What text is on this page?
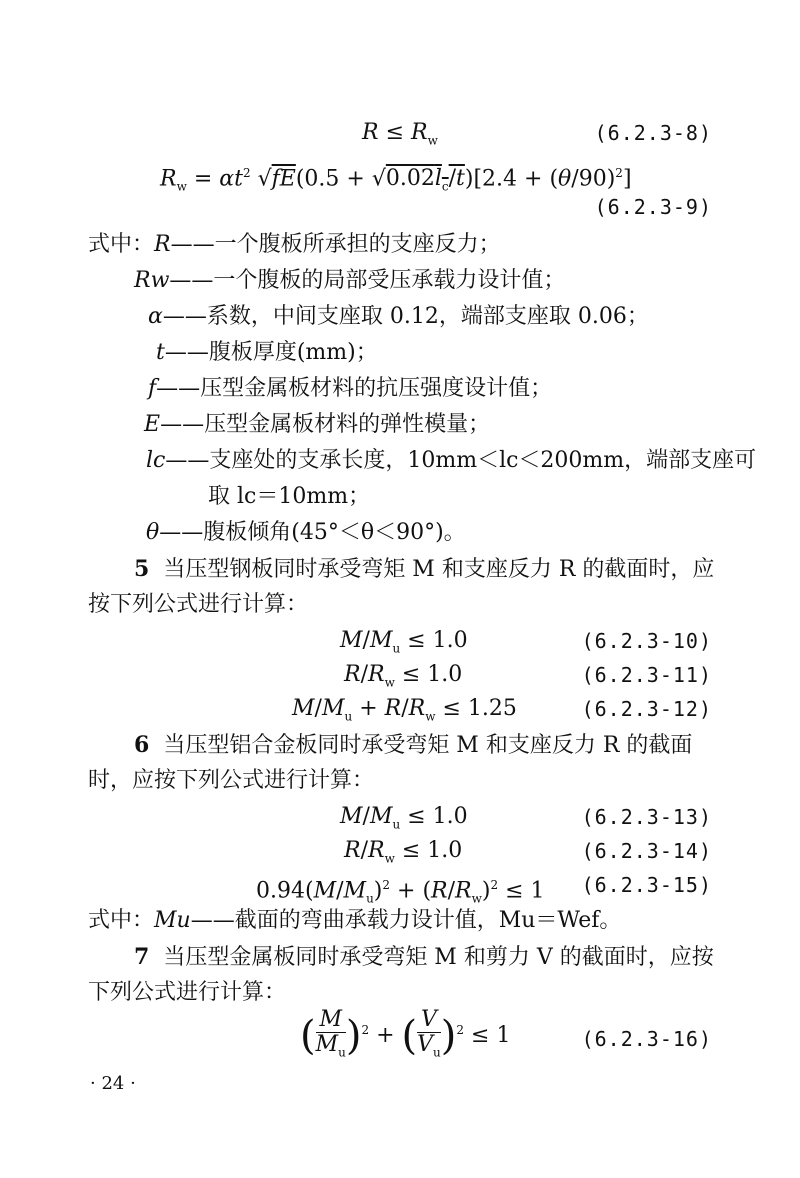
$R \le R_w$	(6.2.3-8)
$R_w = \alpha t^2$ $√fE(0.5 + √0.02l_c/t)[2.4 + (\theta/90)^2]$
(6.2.3-9)
式中：R——一个腹板所承担的支座反力；
Rw——一个腹板的局部受压承载力设计值；
α——系数，中间支座取 0.12，端部支座取 0.06；
t——腹板厚度(mm)；
f——压型金属板材料的抗压强度设计值；
E——压型金属板材料的弹性模量；
lc——支座处的支承长度，10mm＜lc＜200mm，端部支座可
取 lc＝10mm；
θ——腹板倾角(45°＜θ＜90°)。
5 当压型钢板同时承受弯矩 M 和支座反力 R 的截面时，应
按下列公式进行计算：
$M/M_u \le 1.0$	(6.2.3-10)
$R/R_w \le 1.0$	(6.2.3-11)
$M/M_u + R/R_w \le 1.25$	(6.2.3-12)
6 当压型铝合金板同时承受弯矩 M 和支座反力 R 的截面
时，应按下列公式进行计算：
$M/M_u \le 1.0$	(6.2.3-13)
$R/R_w \le 1.0$	(6.2.3-14)
$0.94(M/M_u)^2 + (R/R_w)^2 \le 1$ (6.2.3-15)
式中：Mu——截面的弯曲承载力设计值，Mu＝Wef。
7 当压型金属板同时承受弯矩 M 和剪力 V 的截面时，应按
下列公式进行计算：
( $\frac{M}{M_u} )^2$ + ( $\frac{V}{V_u} )^2 \le 1$	(6.2.3-16)
· 24 ·
